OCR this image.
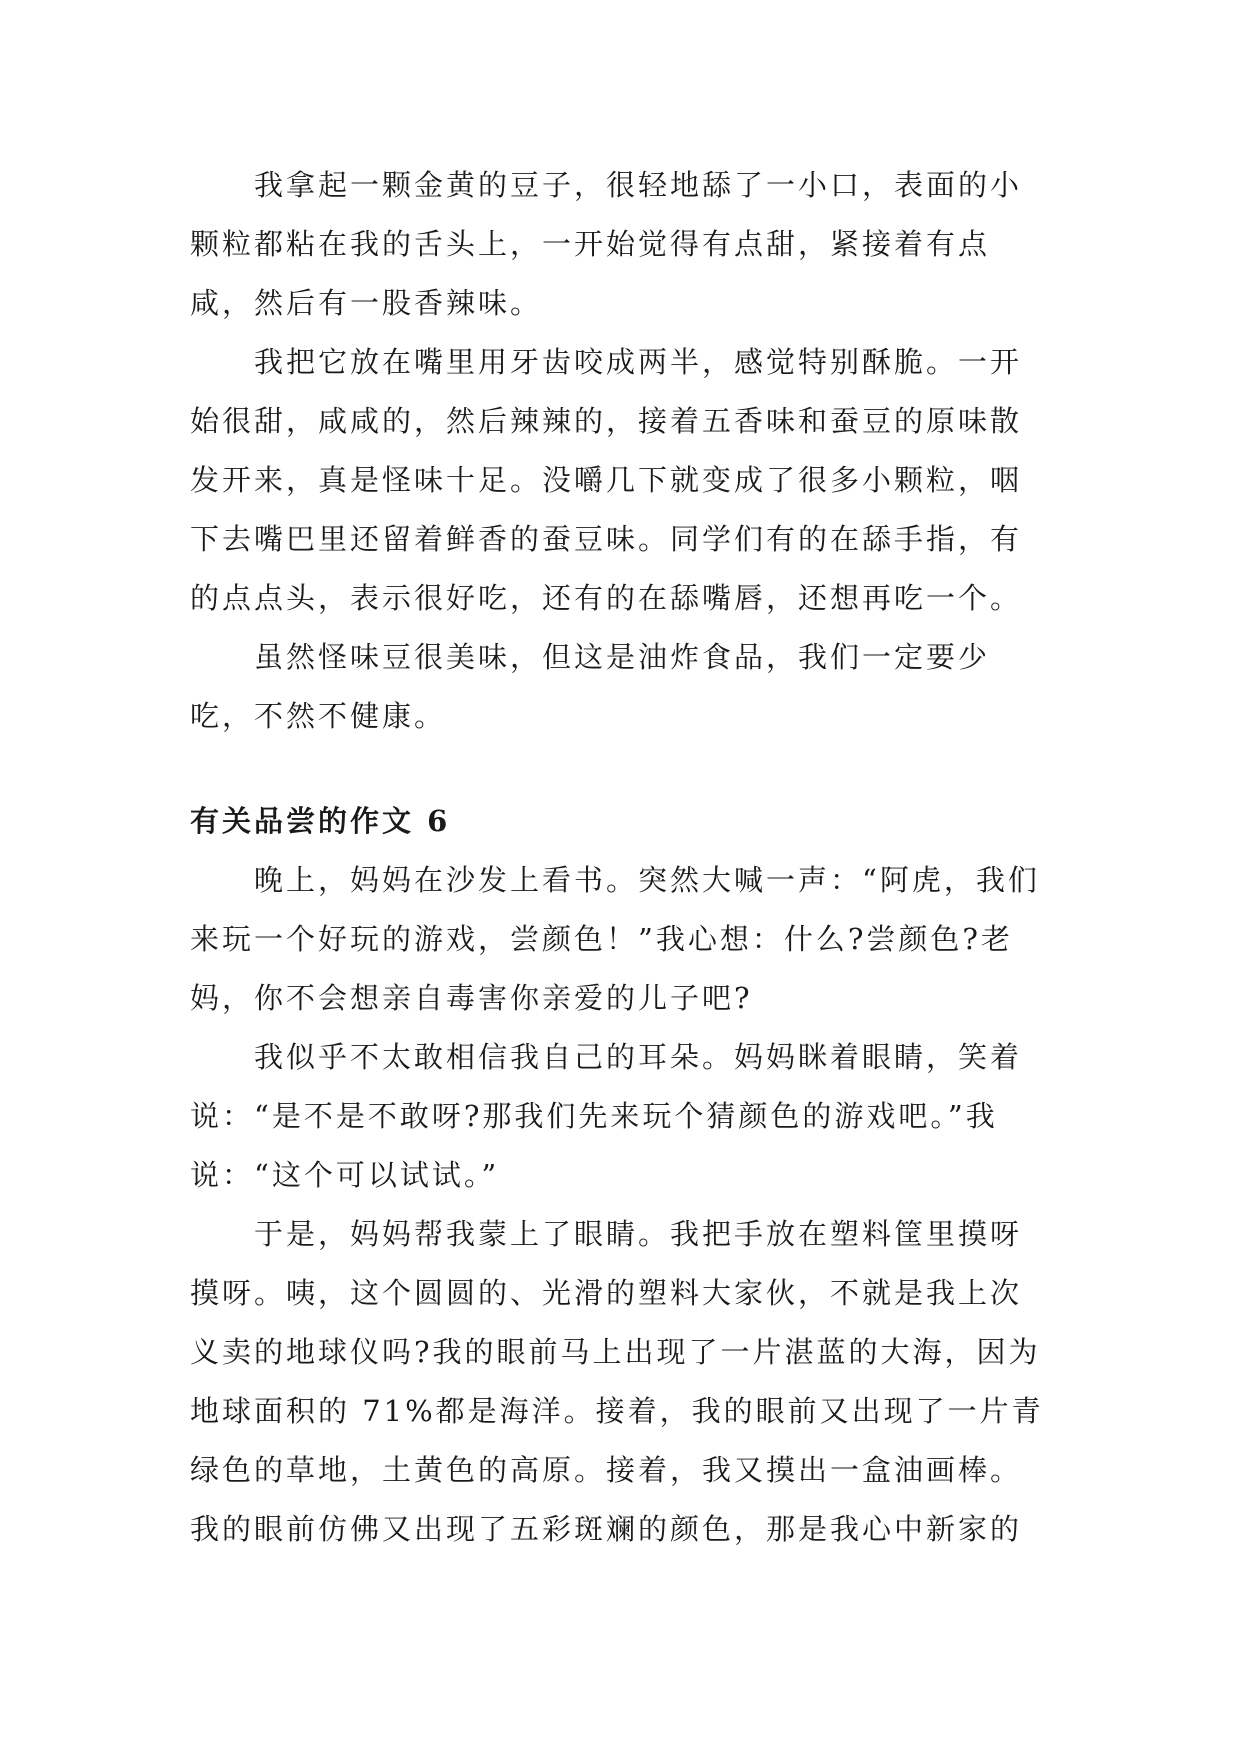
我拿起一颗金黄的豆子，很轻地舔了一小口，表面的小颗粒都粘在我的舌头上，一开始觉得有点甜，紧接着有点咸，然后有一股香辣味。

我把它放在嘴里用牙齿咬成两半，感觉特别酥脆。一开始很甜，咸咸的，然后辣辣的，接着五香味和蚕豆的原味散发开来，真是怪味十足。没嚼几下就变成了很多小颗粒，咽下去嘴巴里还留着鲜香的蚕豆味。同学们有的在舔手指，有的点点头，表示很好吃，还有的在舔嘴唇，还想再吃一个。

虽然怪味豆很美味，但这是油炸食品，我们一定要少吃，不然不健康。

有关品尝的作文 6

晚上，妈妈在沙发上看书。突然大喊一声：“阿虎，我们来玩一个好玩的游戏，尝颜色！”我心想：什么?尝颜色?老妈，你不会想亲自毒害你亲爱的儿子吧?

我似乎不太敢相信我自己的耳朵。妈妈眯着眼睛，笑着说：“是不是不敢呀?那我们先来玩个猜颜色的游戏吧。”我说：“这个可以试试。”

于是，妈妈帮我蒙上了眼睛。我把手放在塑料筐里摸呀摸呀。咦，这个圆圆的、光滑的塑料大家伙，不就是我上次义卖的地球仪吗?我的眼前马上出现了一片湛蓝的大海，因为地球面积的 71%都是海洋。接着，我的眼前又出现了一片青绿色的草地，土黄色的高原。接着，我又摸出一盒油画棒。我的眼前仿佛又出现了五彩斑斓的颜色，那是我心中新家的
